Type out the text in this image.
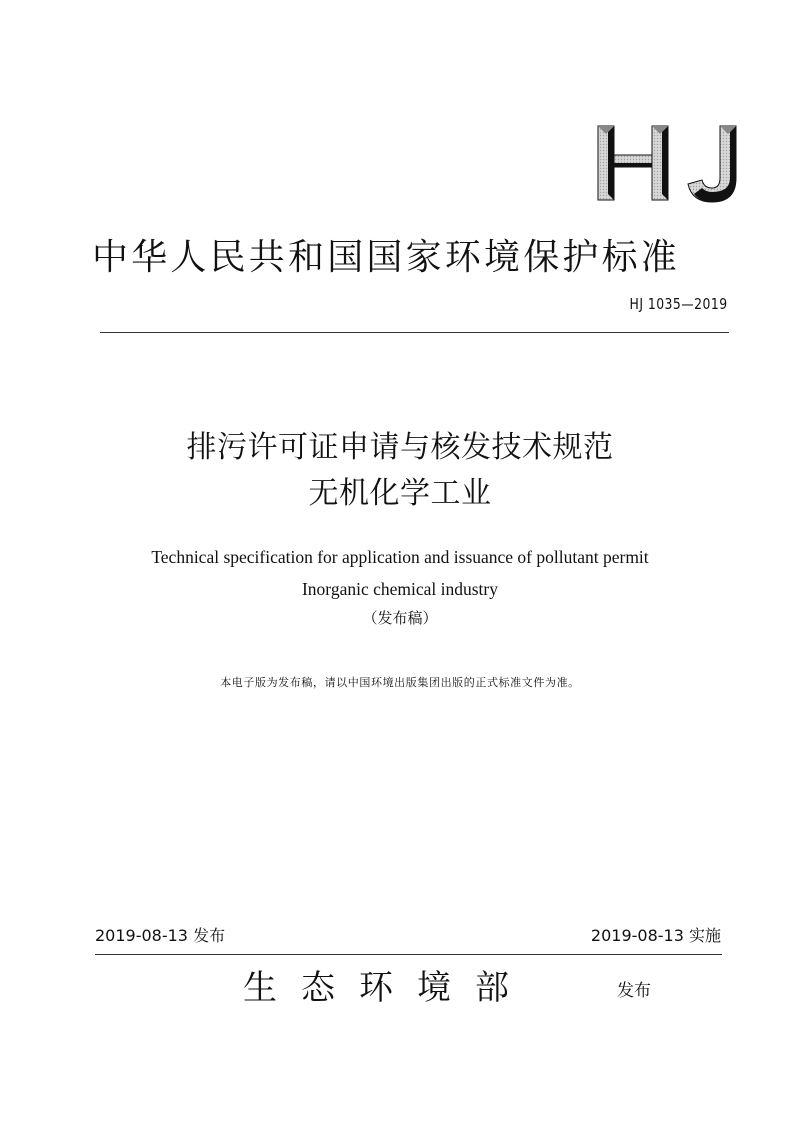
中华人民共和国国家环境保护标准
HJ 1035—2019
排污许可证申请与核发技术规范
无机化学工业
Technical specification for application and issuance of pollutant permit
Inorganic chemical industry
（发布稿）
本电子版为发布稿，请以中国环境出版集团出版的正式标准文件为准。
2019-08-13 发布	2019-08-13 实施
生态环境部	发布
